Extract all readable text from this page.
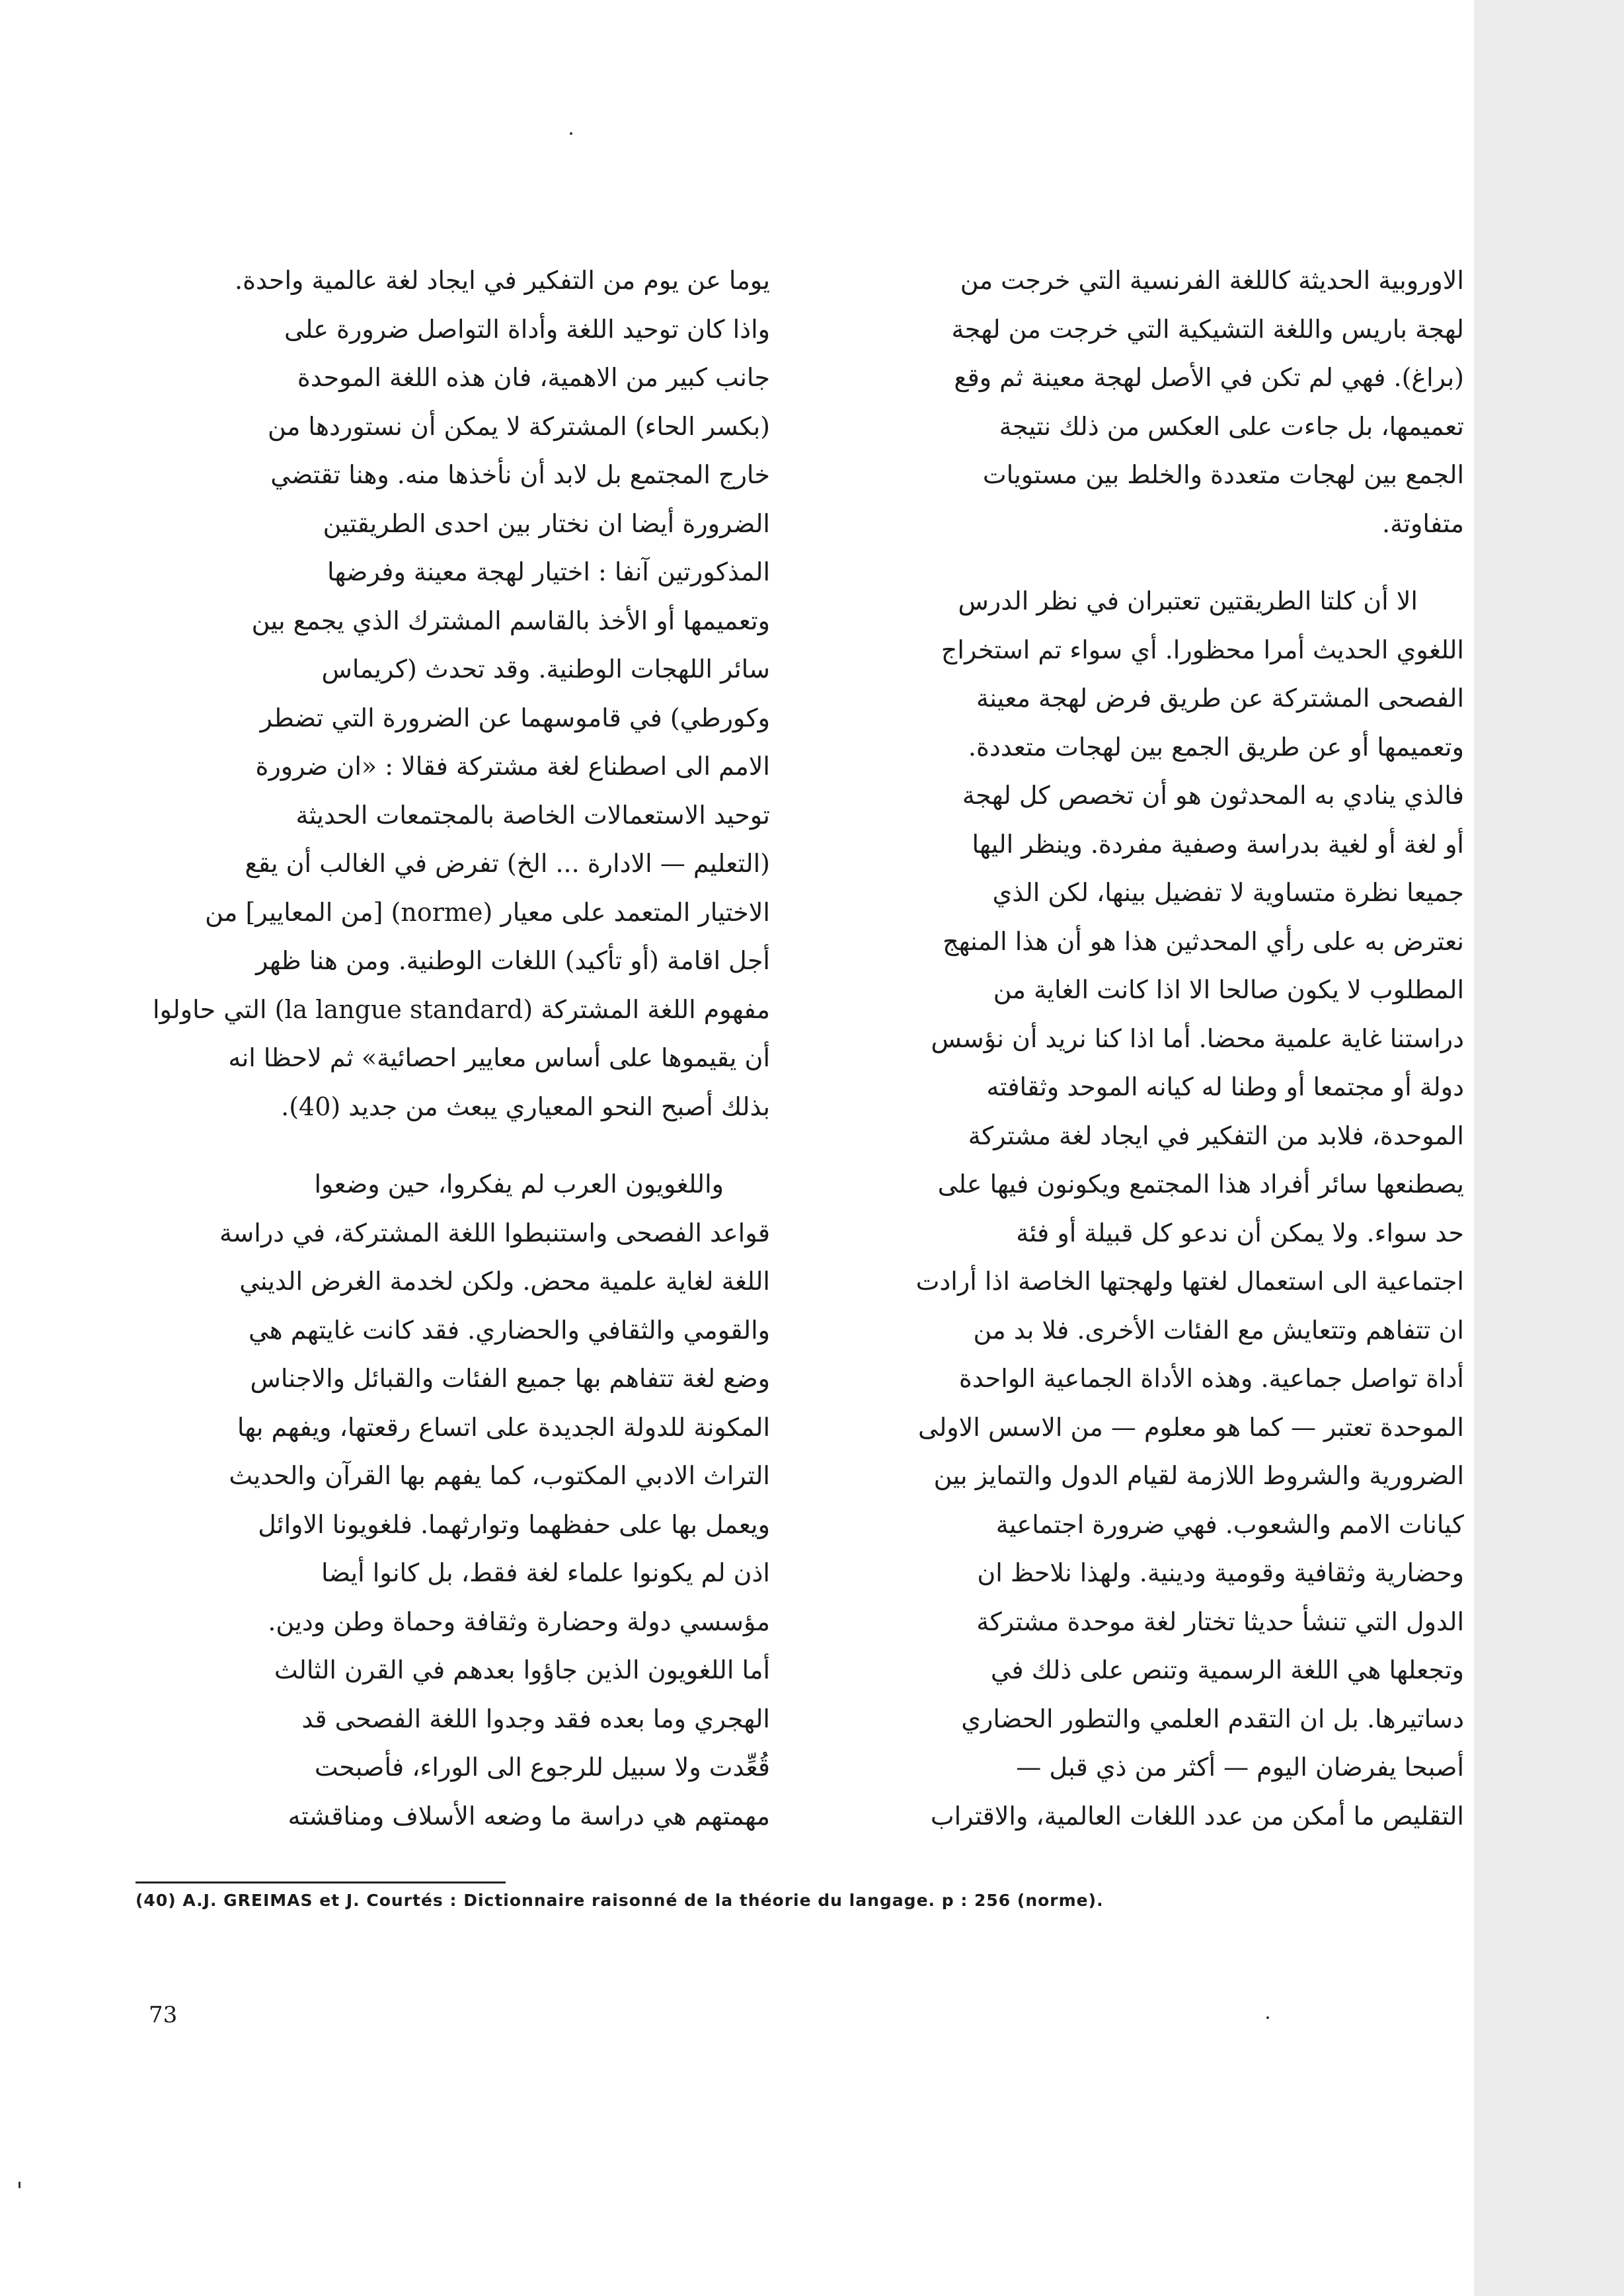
الاوروبية الحديثة كاللغة الفرنسية التي خرجت من
لهجة باريس واللغة التشيكية التي خرجت من لهجة
(براغ). فهي لم تكن في الأصل لهجة معينة ثم وقع
تعميمها، بل جاءت على العكس من ذلك نتيجة
الجمع بين لهجات متعددة والخلط بين مستويات
متفاوتة.
الا أن كلتا الطريقتين تعتبران في نظر الدرس
اللغوي الحديث أمرا محظورا. أي سواء تم استخراج
الفصحى المشتركة عن طريق فرض لهجة معينة
وتعميمها أو عن طريق الجمع بين لهجات متعددة.
فالذي ينادي به المحدثون هو أن تخصص كل لهجة
أو لغة أو لغية بدراسة وصفية مفردة. وينظر اليها
جميعا نظرة متساوية لا تفضيل بينها، لكن الذي
نعترض به على رأي المحدثين هذا هو أن هذا المنهج
المطلوب لا يكون صالحا الا اذا كانت الغاية من
دراستنا غاية علمية محضا. أما اذا كنا نريد أن نؤسس
دولة أو مجتمعا أو وطنا له كيانه الموحد وثقافته
الموحدة، فلابد من التفكير في ايجاد لغة مشتركة
يصطنعها سائر أفراد هذا المجتمع ويكونون فيها على
حد سواء. ولا يمكن أن ندعو كل قبيلة أو فئة
اجتماعية الى استعمال لغتها ولهجتها الخاصة اذا أرادت
ان تتفاهم وتتعايش مع الفئات الأخرى. فلا بد من
أداة تواصل جماعية. وهذه الأداة الجماعية الواحدة
الموحدة تعتبر — كما هو معلوم — من الاسس الاولى
الضرورية والشروط اللازمة لقيام الدول والتمايز بين
كيانات الامم والشعوب. فهي ضرورة اجتماعية
وحضارية وثقافية وقومية ودينية. ولهذا نلاحظ ان
الدول التي تنشأ حديثا تختار لغة موحدة مشتركة
وتجعلها هي اللغة الرسمية وتنص على ذلك في
دساتيرها. بل ان التقدم العلمي والتطور الحضاري
أصبحا يفرضان اليوم — أكثر من ذي قبل —
التقليص ما أمكن من عدد اللغات العالمية، والاقتراب
يوما عن يوم من التفكير في ايجاد لغة عالمية واحدة.
واذا كان توحيد اللغة وأداة التواصل ضرورة على
جانب كبير من الاهمية، فان هذه اللغة الموحدة
(بكسر الحاء) المشتركة لا يمكن أن نستوردها من
خارج المجتمع بل لابد أن نأخذها منه. وهنا تقتضي
الضرورة أيضا ان نختار بين احدى الطريقتين
المذكورتين آنفا : اختيار لهجة معينة وفرضها
وتعميمها أو الأخذ بالقاسم المشترك الذي يجمع بين
سائر اللهجات الوطنية. وقد تحدث (كريماس
وكورطي) في قاموسهما عن الضرورة التي تضطر
الامم الى اصطناع لغة مشتركة فقالا : «ان ضرورة
توحيد الاستعمالات الخاصة بالمجتمعات الحديثة
(التعليم — الادارة ... الخ) تفرض في الغالب أن يقع
الاختيار المتعمد على معيار (norme) [من المعايير] من
أجل اقامة (أو تأكيد) اللغات الوطنية. ومن هنا ظهر
مفهوم اللغة المشتركة (la langue standard) التي حاولوا
أن يقيموها على أساس معايير احصائية» ثم لاحظا انه
بذلك أصبح النحو المعياري يبعث من جديد (40).
واللغويون العرب لم يفكروا، حين وضعوا
قواعد الفصحى واستنبطوا اللغة المشتركة، في دراسة
اللغة لغاية علمية محض. ولكن لخدمة الغرض الديني
والقومي والثقافي والحضاري. فقد كانت غايتهم هي
وضع لغة تتفاهم بها جميع الفئات والقبائل والاجناس
المكونة للدولة الجديدة على اتساع رقعتها، ويفهم بها
التراث الادبي المكتوب، كما يفهم بها القرآن والحديث
ويعمل بها على حفظهما وتوارثهما. فلغويونا الاوائل
اذن لم يكونوا علماء لغة فقط، بل كانوا أيضا
مؤسسي دولة وحضارة وثقافة وحماة وطن ودين.
أما اللغويون الذين جاؤوا بعدهم في القرن الثالث
الهجري وما بعده فقد وجدوا اللغة الفصحى قد
قُعِّدت ولا سبيل للرجوع الى الوراء، فأصبحت
مهمتهم هي دراسة ما وضعه الأسلاف ومناقشته
(40) A.J. GREIMAS et J. Courtés : Dictionnaire raisonné de la théorie du langage. p : 256 (norme).
73
